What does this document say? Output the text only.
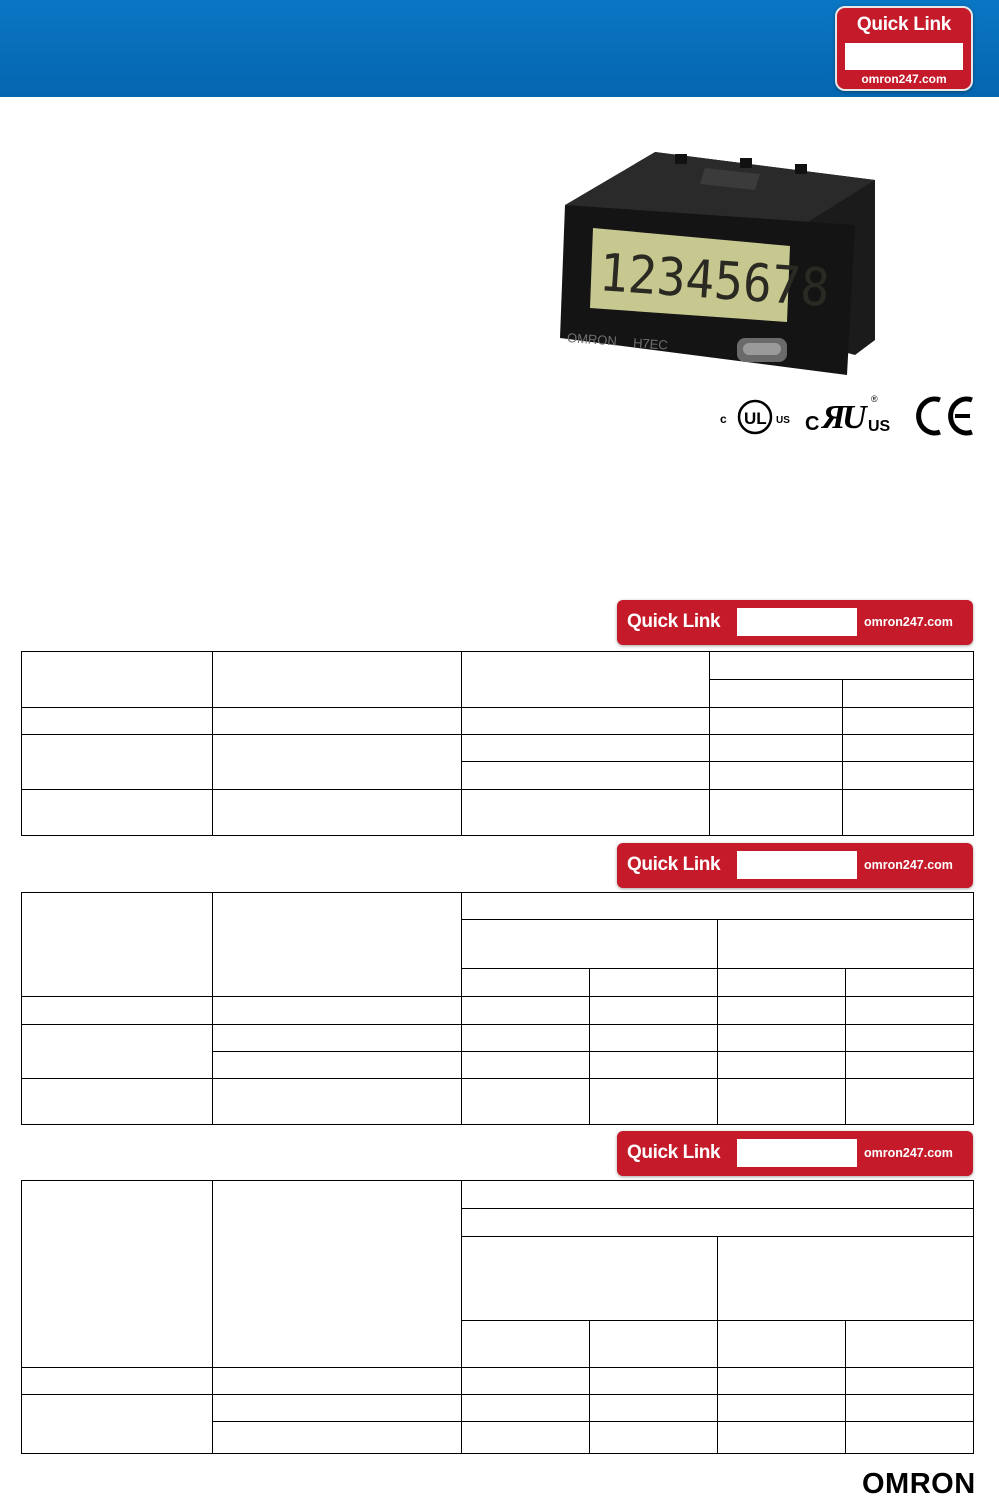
Quick Link
omron247.com
12345678
OMRON H7EC
c UL US C Я
U ®
US
Quick Link	omron247.com

Quick Link	omron247.com

Quick Link	omron247.com

OMRON
